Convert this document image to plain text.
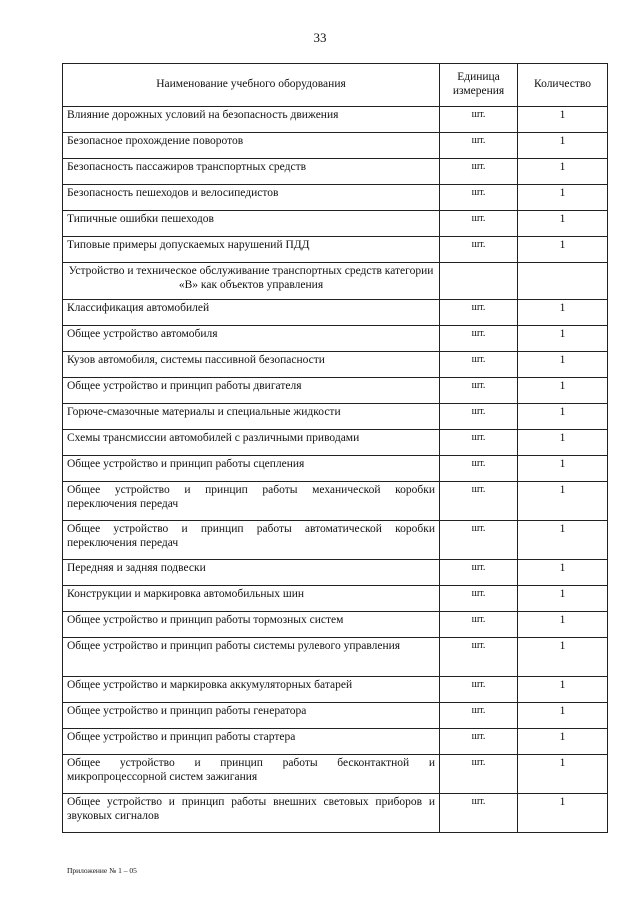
33
Наименование учебного оборудования	Единица измерения	Количество
Влияние дорожных условий на безопасность движения	шт.	1
Безопасное прохождение поворотов	шт.	1
Безопасность пассажиров транспортных средств	шт.	1
Безопасность пешеходов и велосипедистов	шт.	1
Типичные ошибки пешеходов	шт.	1
Типовые примеры допускаемых нарушений ПДД	шт.	1
Устройство и техническое обслуживание транспортных средств категории «В» как объектов управления		
Классификация автомобилей	шт.	1
Общее устройство автомобиля	шт.	1
Кузов автомобиля, системы пассивной безопасности	шт.	1
Общее устройство и принцип работы двигателя	шт.	1
Горюче-смазочные материалы и специальные жидкости	шт.	1
Схемы трансмиссии автомобилей с различными приводами	шт.	1
Общее устройство и принцип работы сцепления	шт.	1
Общее устройство и принцип работы механической коробки переключения передач	шт.	1
Общее устройство и принцип работы автоматической коробки переключения передач	шт.	1
Передняя и задняя подвески	шт.	1
Конструкции и маркировка автомобильных шин	шт.	1
Общее устройство и принцип работы тормозных систем	шт.	1
Общее устройство и принцип работы системы рулевого управления	шт.	1
Общее устройство и маркировка аккумуляторных батарей	шт.	1
Общее устройство и принцип работы генератора	шт.	1
Общее устройство и принцип работы стартера	шт.	1
Общее устройство и принцип работы бесконтактной и микропроцессорной систем зажигания	шт.	1
Общее устройство и принцип работы внешних световых приборов и звуковых сигналов	шт.	1
Приложение № 1 – 05
